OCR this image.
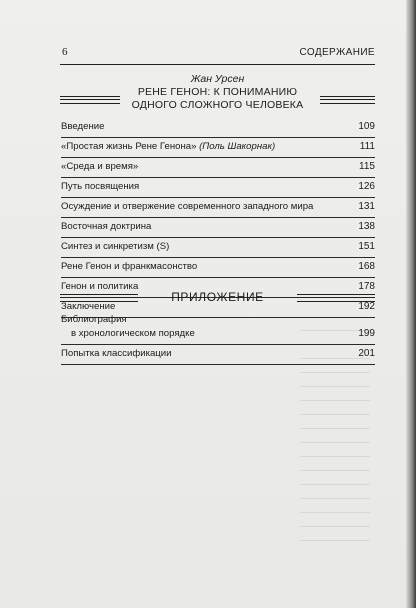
6	СОДЕРЖАНИЕ
Жан Урсен
РЕНЕ ГЕНОН: К ПОНИМАНИЮ
ОДНОГО СЛОЖНОГО ЧЕЛОВЕКА
Введение	109
«Простая жизнь Рене Генона» (Поль Шакорнак)	111
«Среда и время»	115
Путь посвящения	126
Осуждение и отвержение современного западного мира	131
Восточная доктрина	138
Синтез и синкретизм (S)	151
Рене Генон и франкмасонство	168
Генон и политика	178
Заключение	192
ПРИЛОЖЕНИЕ
Библиография
в хронологическом порядке	199
Попытка классификации	201
